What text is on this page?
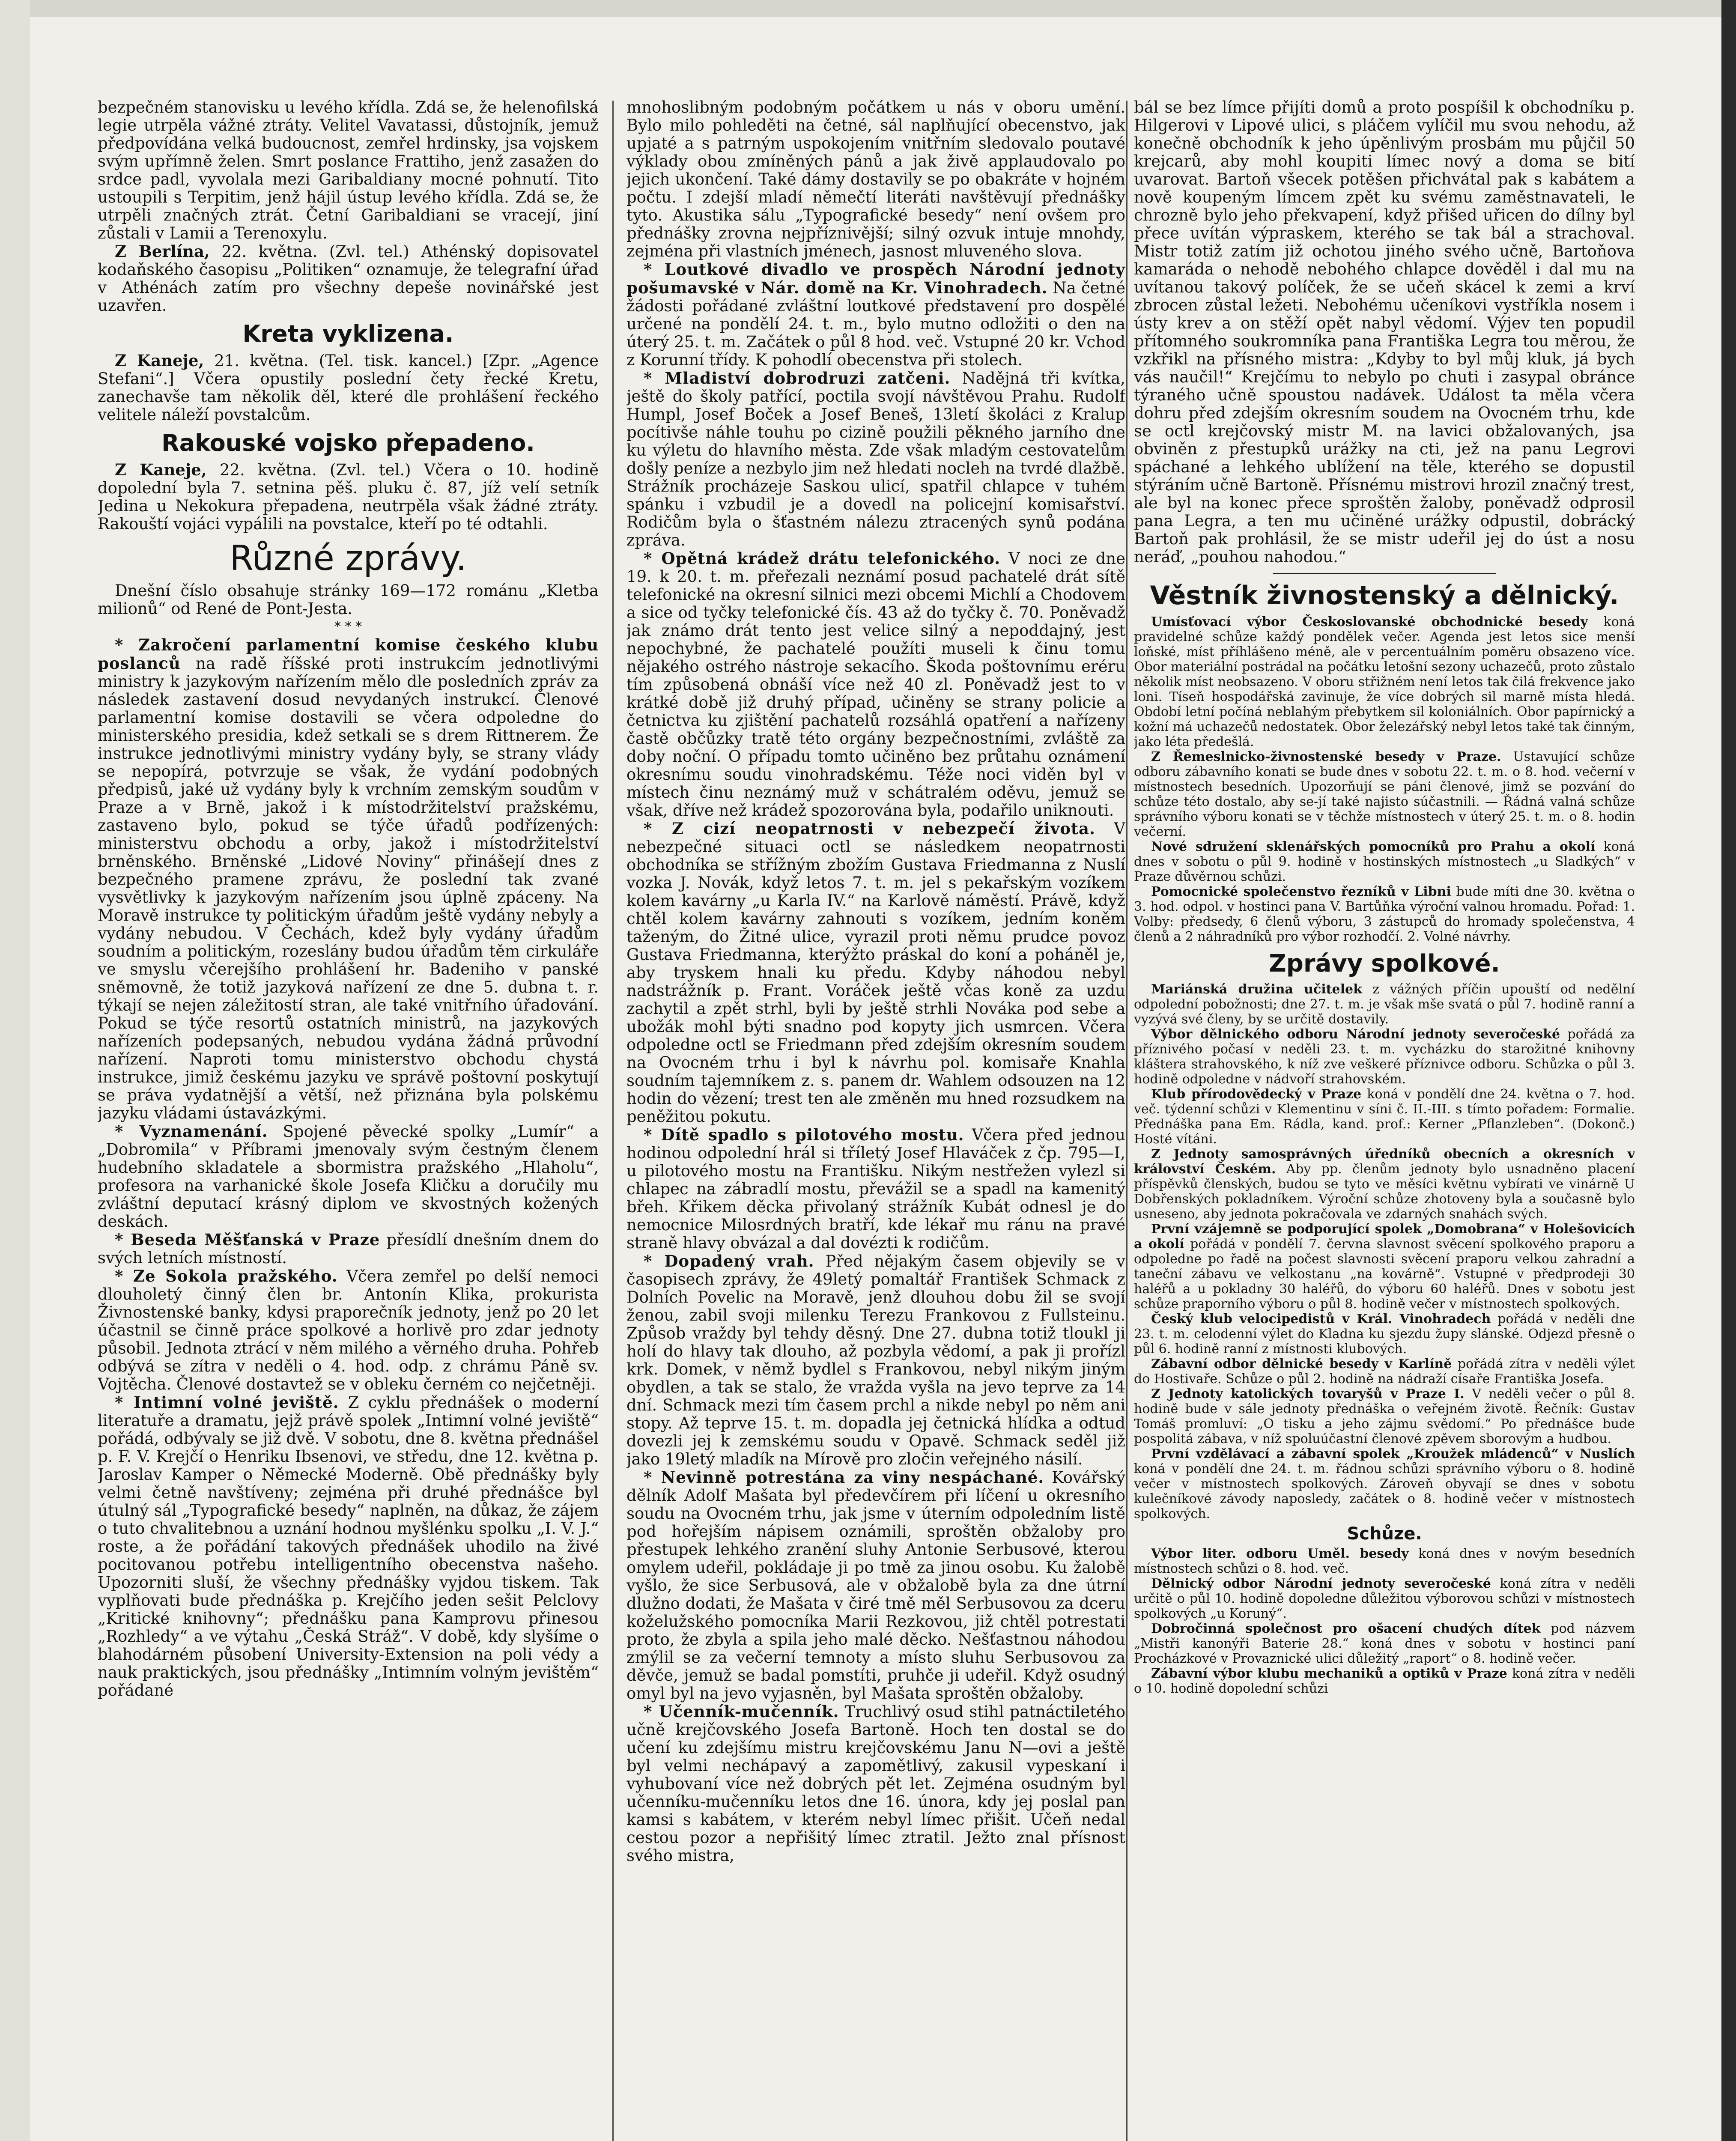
bezpečném stanovisku u levého křídla. Zdá se, že helenofilská legie utrpěla vážné ztráty. Velitel Vavatassi, důstojník, jemuž předpovídána velká budoucnost, zemřel hrdinsky, jsa vojskem svým upřímně želen. Smrt poslance Frattiho, jenž zasažen do srdce padl, vyvolala mezi Garibaldiany mocné pohnutí. Tito ustoupili s Terpitim, jenž hájil ústup levého křídla. Zdá se, že utrpěli značných ztrát. Četní Garibaldiani se vracejí, jiní zůstali v Lamii a Terenoxylu.

Z Berlína, 22. května. (Zvl. tel.) Athénský dopisovatel kodaňského časopisu „Politiken“ oznamuje, že telegrafní úřad v Athénách zatím pro všechny depeše novinářské jest uzavřen.

Kreta vyklizena.

Z Kaneje, 21. května. (Tel. tisk. kancel.) [Zpr. „Agence Stefani“.] Včera opustily poslední čety řecké Kretu, zanechavše tam několik děl, které dle prohlášení řeckého velitele náleží povstalcům.

Rakouské vojsko přepadeno.

Z Kaneje, 22. května. (Zvl. tel.) Včera o 10. hodině dopolední byla 7. setnina pěš. pluku č. 87, jíž velí setník Jedina u Nekokura přepadena, neutrpěla však žádné ztráty. Rakouští vojáci vypálili na povstalce, kteří po té odtahli.

Různé zprávy.

Dnešní číslo obsahuje stránky 169—172 románu „Kletba milionů“ od René de Pont-Jesta.

* * *

* Zakročení parlamentní komise českého klubu poslanců na radě říšské proti instrukcím jednotlivými ministry k jazykovým nařízením mělo dle posledních zpráv za následek zastavení dosud nevydaných instrukcí. Členové parlamentní komise dostavili se včera odpoledne do ministerského presidia, kdež setkali se s drem Rittnerem. Že instrukce jednotlivými ministry vydány byly, se strany vlády se nepopírá, potvrzuje se však, že vydání podobných předpisů, jaké už vydány byly k vrchním zemským soudům v Praze a v Brně, jakož i k místodržitelství pražskému, zastaveno bylo, pokud se týče úřadů podřízených: ministerstvu obchodu a orby, jakož i místodržitelství brněnského. Brněnské „Lidové Noviny“ přinášejí dnes z bezpečného pramene zprávu, že poslední tak zvané vysvětlivky k jazykovým nařízením jsou úplně zpáceny. Na Moravě instrukce ty politickým úřadům ještě vydány nebyly a vydány nebudou. V Čechách, kdež byly vydány úřadům soudním a politickým, rozeslány budou úřadům těm cirkuláře ve smyslu včerejšího prohlášení hr. Badeniho v panské sněmovně, že totiž jazyková nařízení ze dne 5. dubna t. r. týkají se nejen záležitostí stran, ale také vnitřního úřadování. Pokud se týče resortů ostatních ministrů, na jazykových nařízeních podepsaných, nebudou vydána žádná průvodní nařízení. Naproti tomu ministerstvo obchodu chystá instrukce, jimiž českému jazyku ve správě poštovní poskytují se práva vydatnější a větší, než přiznána byla polskému jazyku vládami ústavázkými.

* Vyznamenání. Spojené pěvecké spolky „Lumír“ a „Dobromila“ v Příbrami jmenovaly svým čestným členem hudebního skladatele a sbormistra pražského „Hlaholu“, profesora na varhanické škole Josefa Kličku a doručily mu zvláštní deputací krásný diplom ve skvostných kožených deskách.

* Beseda Měšťanská v Praze přesídlí dnešním dnem do svých letních místností.

* Ze Sokola pražského. Včera zemřel po delší nemoci dlouholetý činný člen br. Antonín Klika, prokurista Živnostenské banky, kdysi praporečník jednoty, jenž po 20 let účastnil se činně práce spolkové a horlivě pro zdar jednoty působil. Jednota ztrácí v něm milého a věrného druha. Pohřeb odbývá se zítra v neděli o 4. hod. odp. z chrámu Páně sv. Vojtěcha. Členové dostavtež se v obleku černém co nejčetněji.

* Intimní volné jeviště. Z cyklu přednášek o moderní literatuře a dramatu, jejž právě spolek „Intimní volné jeviště“ pořádá, odbývaly se již dvě. V sobotu, dne 8. května přednášel p. F. V. Krejčí o Henriku Ibsenovi, ve středu, dne 12. května p. Jaroslav Kamper o Německé Moderně. Obě přednášky byly velmi četně navštíveny; zejména při druhé přednášce byl útulný sál „Typografické besedy“ naplněn, na důkaz, že zájem o tuto chvalitebnou a uznání hodnou myšlénku spolku „I. V. J.“ roste, a že pořádání takových přednášek uhodilo na živé pocitovanou potřebu intelligentního obecenstva našeho. Upozorniti sluší, že všechny přednášky vyjdou tiskem. Tak vyplňovati bude přednáška p. Krejčího jeden sešit Pelclovy „Kritické knihovny“; přednášku pana Kamprovu přinesou „Rozhledy“ a ve výtahu „Česká Stráž“. V době, kdy slyšíme o blahodárném působení University-Extension na poli védy a nauk praktických, jsou přednášky „Intimním volným jevištěm“ pořádané

mnohoslibným podobným počátkem u nás v oboru umění. Bylo milo pohleděti na četné, sál naplňující obecenstvo, jak upjaté a s patrným uspokojením vnitřním sledovalo poutavé výklady obou zmíněných pánů a jak živě applaudovalo po jejich ukončení. Také dámy dostavily se po obakráte v hojném počtu. I zdejší mladí němečtí literáti navštěvují přednášky tyto. Akustika sálu „Typografické besedy“ není ovšem pro přednášky zrovna nejpříznivější; silný ozvuk intuje mnohdy, zejména při vlastních jménech, jasnost mluveného slova.

* Loutkové divadlo ve prospěch Národní jednoty pošumavské v Nár. domě na Kr. Vinohradech. Na četné žádosti pořádané zvláštní loutkové představení pro dospělé určené na pondělí 24. t. m., bylo mutno odložiti o den na úterý 25. t. m. Začátek o půl 8 hod. več. Vstupné 20 kr. Vchod z Korunní třídy. K pohodlí obecenstva při stolech.

* Mladiství dobrodruzi zatčeni. Nadějná tři kvítka, ještě do školy patřící, poctila svojí návštěvou Prahu. Rudolf Humpl, Josef Boček a Josef Beneš, 13letí školáci z Kralup pocítivše náhle touhu po cizině použili pěkného jarního dne ku výletu do hlavního města. Zde však mladým cestovatelům došly peníze a nezbylo jim než hledati nocleh na tvrdé dlažbě. Strážník procházeje Saskou ulicí, spatřil chlapce v tuhém spánku i vzbudil je a dovedl na policejní komisařství. Rodičům byla o šťastném nálezu ztracených synů podána zpráva.

* Opětná krádež drátu telefonického. V noci ze dne 19. k 20. t. m. přeřezali neznámí posud pachatelé drát sítě telefonické na okresní silnici mezi obcemi Michlí a Chodovem a sice od tyčky telefonické čís. 43 až do tyčky č. 70. Poněvadž jak známo drát tento jest velice silný a nepoddajný, jest nepochybné, že pachatelé použíti museli k činu tomu nějakého ostrého nástroje sekacího. Škoda poštovnímu eréru tím způsobená obnáší více než 40 zl. Poněvadž jest to v krátké době již druhý případ, učiněny se strany policie a četnictva ku zjištění pachatelů rozsáhlá opatření a nařízeny častě občůzky tratě této orgány bezpečnostními, zvláště za doby noční. O případu tomto učiněno bez průtahu oznámení okresnímu soudu vinohradskému. Téže noci viděn byl v místech činu neznámý muž v schátralém oděvu, jemuž se však, dříve než krádež spozorována byla, podařilo uniknouti.

* Z cizí neopatrnosti v nebezpečí života. V nebezpečné situaci octl se následkem neopatrnosti obchodníka se střížným zbožím Gustava Friedmanna z Nuslí vozka J. Novák, když letos 7. t. m. jel s pekařským vozíkem kolem kavárny „u Karla IV.“ na Karlově náměstí. Právě, když chtěl kolem kavárny zahnouti s vozíkem, jedním koněm taženým, do Žitné ulice, vyrazil proti němu prudce povoz Gustava Friedmanna, kterýžto práskal do koní a poháněl je, aby tryskem hnali ku předu. Kdyby náhodou nebyl nadstrážník p. Frant. Voráček ještě včas koně za uzdu zachytil a zpět strhl, byli by ještě strhli Nováka pod sebe a ubožák mohl býti snadno pod kopyty jich usmrcen. Včera odpoledne octl se Friedmann před zdejším okresním soudem na Ovocném trhu i byl k návrhu pol. komisaře Knahla soudním tajemníkem z. s. panem dr. Wahlem odsouzen na 12 hodin do vězení; trest ten ale změněn mu hned rozsudkem na peněžitou pokutu.

* Dítě spadlo s pilotového mostu. Včera před jednou hodinou odpolední hrál si tříletý Josef Hlaváček z čp. 795—I, u pilotového mostu na Františku. Nikým nestřežen vylezl si chlapec na zábradlí mostu, převážil se a spadl na kamenitý břeh. Křikem děcka přivolaný strážník Kubát odnesl je do nemocnice Milosrdných bratří, kde lékař mu ránu na pravé straně hlavy obvázal a dal dovézti k rodičům.

* Dopadený vrah. Před nějakým časem objevily se v časopisech zprávy, že 49letý pomaltář František Schmack z Dolních Povelic na Moravě, jenž dlouhou dobu žil se svojí ženou, zabil svoji milenku Terezu Frankovou z Fullsteinu. Způsob vraždy byl tehdy děsný. Dne 27. dubna totiž tloukl ji holí do hlavy tak dlouho, až pozbyla vědomí, a pak ji prořízl krk. Domek, v němž bydlel s Frankovou, nebyl nikým jiným obydlen, a tak se stalo, že vražda vyšla na jevo teprve za 14 dní. Schmack mezi tím časem prchl a nikde nebyl po něm ani stopy. Až teprve 15. t. m. dopadla jej četnická hlídka a odtud dovezli jej k zemskému soudu v Opavě. Schmack seděl již jako 19letý mladík na Mírově pro zločin veřejného násilí.

* Nevinně potrestána za viny nespáchané. Kovářský dělník Adolf Mašata byl předevčírem při líčení u okresního soudu na Ovocném trhu, jak jsme v úterním odpoledním listě pod hořejším nápisem oznámili, sproštěn obžaloby pro přestupek lehkého zranění sluhy Antonie Serbusové, kterou omylem udeřil, pokládaje ji po tmě za jinou osobu. Ku žalobě vyšlo, že sice Serbusová, ale v obžalobě byla za dne útrní dlužno dodati, že Mašata v čiré tmě měl Serbusovou za dceru koželužského pomocníka Marii Rezkovou, již chtěl potrestati proto, že zbyla a spila jeho malé děcko. Nešťastnou náhodou zmýlil se za večerní temnoty a místo sluhu Serbusovou za děvče, jemuž se badal pomstíti, pruhče ji udeřil. Když osudný omyl byl na jevo vyjasněn, byl Mašata sproštěn obžaloby.

* Učenník-mučenník. Truchlivý osud stihl patnáctiletého učně krejčovského Josefa Bartoně. Hoch ten dostal se do učení ku zdejšímu mistru krejčovskému Janu N—ovi a ještě byl velmi nechápavý a zapomětlivý, zakusil vypeskaní i vyhubovaní více než dobrých pět let. Zejména osudným byl učenníku-mučenníku letos dne 16. února, kdy jej poslal pan kamsi s kabátem, v kterém nebyl límec přišit. Učeň nedal cestou pozor a nepřišitý límec ztratil. Ježto znal přísnost svého mistra,

bál se bez límce přijíti domů a proto pospíšil k obchodníku p. Hilgerovi v Lipové ulici, s pláčem vylíčil mu svou nehodu, až konečně obchodník k jeho úpěnlivým prosbám mu půjčil 50 krejcarů, aby mohl koupiti límec nový a doma se bití uvarovat. Bartoň všecek potěšen přichvátal pak s kabátem a nově koupeným límcem zpět ku svému zaměstnavateli, le chrozně bylo jeho překvapení, když přišed uřicen do dílny byl přece uvítán výpraskem, kterého se tak bál a strachoval. Mistr totiž zatím již ochotou jiného svého učně, Bartoňova kamaráda o nehodě nebohého chlapce dověděl i dal mu na uvítanou takový políček, že se učeň skácel k zemi a krví zbrocen zůstal ležeti. Nebohému učeníkovi vystříkla nosem i ústy krev a on stěží opět nabyl vědomí. Výjev ten popudil přítomného soukromníka pana Františka Legra tou měrou, že vzkřikl na přísného mistra: „Kdyby to byl můj kluk, já bych vás naučil!“ Krejčímu to nebylo po chuti i zasypal obránce týraného učně spoustou nadávek. Událost ta měla včera dohru před zdejším okresním soudem na Ovocném trhu, kde se octl krejčovský mistr M. na lavici obžalovaných, jsa obviněn z přestupků urážky na cti, jež na panu Legrovi spáchané a lehkého ublížení na těle, kterého se dopustil stýráním učně Bartoně. Přísnému mistrovi hrozil značný trest, ale byl na konec přece sproštěn žaloby, poněvadž odprosil pana Legra, a ten mu učiněné urážky odpustil, dobrácký Bartoň pak prohlásil, že se mistr udeřil jej do úst a nosu neráď, „pouhou nahodou.“

Věstník živnostenský a dělnický.

Umísťovací výbor Českoslovanské obchodnické besedy koná pravidelné schůze každý pondělek večer. Agenda jest letos sice menší loňské, míst příhlášeno méně, ale v percentuálním poměru obsazeno více. Obor materiální postrádal na počátku letošní sezony uchazečů, proto zůstalo několik míst neobsazeno. V oboru střižném není letos tak čilá frekvence jako loni. Tíseň hospodářská zavinuje, že více dobrých sil marně místa hledá. Období letní počíná neblahým přebytkem sil koloniálních. Obor papírnický a kožní má uchazečů nedostatek. Obor železářský nebyl letos také tak činným, jako léta předešlá.

Z Řemeslnicko-živnostenské besedy v Praze. Ustavující schůze odboru zábavního konati se bude dnes v sobotu 22. t. m. o 8. hod. večerní v místnostech besedních. Upozorňují se páni členové, jimž se pozvání do schůze této dostalo, aby se-jí také najisto súčastnili. — Řádná valná schůze správního výboru konati se v těchže místnostech v úterý 25. t. m. o 8. hodin večerní.

Nové sdružení sklenářských pomocníků pro Prahu a okolí koná dnes v sobotu o půl 9. hodině v hostinských místnostech „u Sladkých“ v Praze důvěrnou schůzi.

Pomocnické společenstvo řezníků v Libni bude míti dne 30. května o 3. hod. odpol. v hostinci pana V. Bartůňka výroční valnou hromadu. Pořad: 1. Volby: předsedy, 6 členů výboru, 3 zástupců do hromady společenstva, 4 členů a 2 náhradníků pro výbor rozhodčí. 2. Volné návrhy.

Zprávy spolkové.

Mariánská družina učitelek z vážných příčin upouští od nedělní odpolední pobožnosti; dne 27. t. m. je však mše svatá o půl 7. hodině ranní a vyzývá své členy, by se určitě dostavily.

Výbor dělnického odboru Národní jednoty severočeské pořádá za příznivého počasí v neděli 23. t. m. vycházku do starožitné knihovny kláštera strahovského, k níž zve veškeré příznivce odboru. Schůzka o půl 3. hodině odpoledne v nádvoří strahovském.

Klub přírodovědecký v Praze koná v pondělí dne 24. května o 7. hod. več. týdenní schůzi v Klementinu v síni č. II.-III. s tímto pořadem: Formalie. Přednáška pana Em. Rádla, kand. prof.: Kerner „Pflanzleben“. (Dokonč.) Hosté vítáni.

Z Jednoty samosprávných úředníků obecních a okresních v království Českém. Aby pp. členům jednoty bylo usnadněno placení příspěvků členských, budou se tyto ve měsíci květnu vybírati ve vinárně U Dobřenských pokladníkem. Výroční schůze zhotoveny byla a současně bylo usneseno, aby jednota pokračovala ve zdarných snahách svých.

První vzájemně se podporující spolek „Domobrana“ v Holešovicích a okolí pořádá v pondělí 7. června slavnost svěcení spolkového praporu a odpoledne po řadě na počest slavnosti svěcení praporu velkou zahradní a taneční zábavu ve velkostanu „na kovárně“. Vstupné v předprodeji 30 haléřů a u pokladny 30 haléřů, do výboru 60 haléřů. Dnes v sobotu jest schůze praporního výboru o půl 8. hodině večer v místnostech spolkových.

Český klub velocipedistů v Král. Vinohradech pořádá v neděli dne 23. t. m. celodenní výlet do Kladna ku sjezdu župy slánské. Odjezd přesně o půl 6. hodině ranní z místnosti klubových.

Zábavní odbor dělnické besedy v Karlíně pořádá zítra v neděli výlet do Hostivaře. Schůze o půl 2. hodině na nádraží císaře Františka Josefa.

Z Jednoty katolických tovaryšů v Praze I. V neděli večer o půl 8. hodině bude v sále jednoty přednáška o veřejném životě. Řečník: Gustav Tomáš promluví: „O tisku a jeho zájmu svědomí.“ Po přednášce bude pospolitá zábava, v níž spoluúčastní členové zpěvem sborovým a hudbou.

První vzdělávací a zábavní spolek „Kroužek mládenců“ v Nuslích koná v pondělí dne 24. t. m. řádnou schůzi správního výboru o 8. hodině večer v místnostech spolkových. Zároveň obyvají se dnes v sobotu kulečníkové závody naposledy, začátek o 8. hodině večer v místnostech spolkových.

Schůze.

Výbor liter. odboru Uměl. besedy koná dnes v novým besedních místnostech schůzi o 8. hod. več.

Dělnický odbor Národní jednoty severočeské koná zítra v neděli určitě o půl 10. hodině dopoledne důležitou výborovou schůzi v místnostech spolkových „u Koruný“.

Dobročinná společnost pro ošacení chudých dítek pod názvem „Mistři kanonýři Baterie 28.“ koná dnes v sobotu v hostinci paní Procházkové v Provaznické ulici důležitý „raport“ o 8. hodině večer.

Zábavní výbor klubu mechaniků a optiků v Praze koná zítra v neděli o 10. hodině dopolední schůzi
